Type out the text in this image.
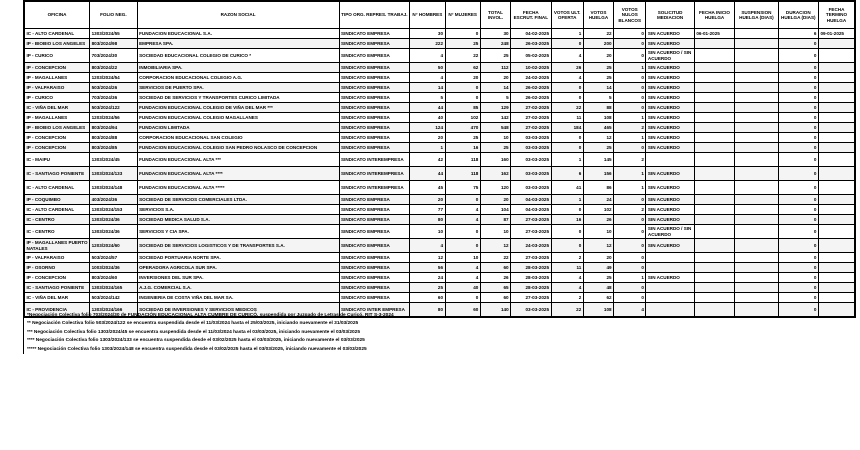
OFICINA	FOLIO NEG.	RAZON SOCIAL	TIPO ORG. REPRES. TRABAJ.	N° HOMBRES	N° MUJERES	TOTAL INVOL.	FECHA ESCRUT. FINAL	VOTOS ULT. OFERTA	VOTOS HUELGA	VOTOS NULOS BLANCOS	SOLICITUD MEDIACION	FECHA INICIO HUELGA	SUSPENSION HUELGA (DIAS)	DURACION HUELGA (DIAS)	FECHA TERMINO HUELGA
IC - ALTO CARDENAL	1303/2024/55	FUNDACION EDUCACIONAL S.A.	SINDICATO EMPRESA	30	0	30	04-02-2025	1	22	0	SIN ACUERDO	06-01-2025		6	09-01-2025
IP - BIOBIO LOS ANGELES	803/2024/98	EMPRESA SPA.	SINDICATO EMPRESA	222	25	248	26-03-2025	0	200	0	SIN ACUERDO			0	
IP - CURICO	703/2024/30	SOCIEDAD EDUCACIONAL COLEGIO DE CURICO *	SINDICATO EMPRESA	4	22	25	05-02-2025	4	20	0	SIN ACUERDO / SIN ACUERDO			0	
IP - CONCEPCION	803/2024/22	INMOBILIARIA SPA.	SINDICATO EMPRESA	50	62	112	10-02-2025	26	25	1	SIN ACUERDO			0	
IP - MAGALLANES	1203/2024/54	CORPORACION EDUCACIONAL COLEGIO A.G.	SINDICATO EMPRESA	4	20	20	24-02-2025	4	25	0	SIN ACUERDO			0	
IP - VALPARAISO	503/2024/26	SERVICIOS DE PUERTO SPA.	SINDICATO EMPRESA	14	0	14	26-02-2025	0	14	0	SIN ACUERDO			0	
IP - CURICO	703/2024/36	SOCIEDAD DE SERVICIOS Y TRANSPORTES CURICO LIMITADA	SINDICATO EMPRESA	5	0	5	26-02-2025	0	5	0	SIN ACUERDO			0	
IC - VIÑA DEL MAR	503/2024/122	FUNDACION EDUCACIONAL COLEGIO DE VIÑA DEL MAR ***	SINDICATO EMPRESA	44	85	129	27-02-2025	22	88	0	SIN ACUERDO			0	
IP - MAGALLANES	1203/2024/56	FUNDACION EDUCACIONAL COLEGIO MAGALLANES	SINDICATO EMPRESA	40	102	142	27-02-2025	11	108	1	SIN ACUERDO			0	
IP - BIOBIO LOS ANGELES	803/2024/94	FUNDACION LIMITADA	SINDICATO EMPRESA	124	470	548	27-02-2025	184	465	2	SIN ACUERDO			0	
IP - CONCEPCION	803/2024/88	CORPORACION EDUCACIONAL SAN COLEGIO	SINDICATO EMPRESA	20	25	10	03-03-2025	0	12	1	SIN ACUERDO			0	
IP - CONCEPCION	803/2024/85	FUNDACION EDUCACIONAL COLEGIO SAN PEDRO NOLASCO DE CONCEPCION	SINDICATO EMPRESA	1	16	25	03-03-2025	0	25	0	SIN ACUERDO			0	
IC - MAIPU	1303/2024/45	FUNDACION EDUCACIONAL ALTA ***	SINDICATO INTEREMPRESA	42	118	160	03-03-2025	1	145	2				0	
IC - SANTIAGO PONIENTE	1303/2024/133	FUNDACION EDUCACIONAL ALTA ****	SINDICATO INTEREMPRESA	44	118	162	03-03-2025	6	156	1	SIN ACUERDO			0	
IC - ALTO CARDENAL	1303/2024/148	FUNDACION EDUCACIONAL ALTA *****	SINDICATO INTEREMPRESA	45	75	120	03-03-2025	41	86	1	SIN ACUERDO			0	
IP - COQUIMBO	403/2024/36	SOCIEDAD DE SERVICIOS COMERCIALES LTDA.	SINDICATO EMPRESA	20	0	20	04-03-2025	1	24	0	SIN ACUERDO			0	
IC - ALTO CARDENAL	1303/2024/153	SERVICIOS S.A.	SINDICATO EMPRESA	77	4	104	04-03-2025	0	102	2	SIN ACUERDO			0	
IC - CENTRO	1303/2024/36	SOCIEDAD MEDICA SALUD S.A.	SINDICATO EMPRESA	80	4	87	27-03-2025	16	26	0	SIN ACUERDO			0	
IC - CENTRO	1303/2024/36	SERVICIOS Y CIA SPA.	SINDICATO EMPRESA	10	0	10	27-03-2025	0	10	0	SIN ACUERDO / SIN ACUERDO			0	
IP - MAGALLANES PUERTO NATALES	1203/2024/60	SOCIEDAD DE SERVICIOS LOGISTICOS Y DE TRANSPORTES S.A.	SINDICATO EMPRESA	4	0	12	24-03-2025	0	12	0	SIN ACUERDO			0	
IP - VALPARAISO	503/2024/57	SOCIEDAD PORTUARIA NORTE SPA.	SINDICATO EMPRESA	12	10	22	27-03-2025	2	20	0				0	
IP - OSORNO	1003/2024/36	OPERADORA AGRICOLA SUR SPA.	SINDICATO EMPRESA	56	4	60	28-03-2025	11	49	0				0	
IP - CONCEPCION	803/2024/60	INVERSIONES DEL SUR SPA.	SINDICATO EMPRESA	24	4	26	28-03-2025	4	25	1	SIN ACUERDO			0	
IC - SANTIAGO PONIENTE	1303/2024/165	A.J.G. COMERCIAL S.A.	SINDICATO EMPRESA	25	40	65	28-03-2025	4	48	0				0	
IC - VIÑA DEL MAR	503/2024/142	INGENIERIA DE COSTA VIÑA DEL MAR SA.	SINDICATO EMPRESA	60	0	60	27-03-2025	2	62	0				0	
IC - PROVIDENCIA	1303/2024/166	SOCIEDAD DE INVERSIONES Y SERVICIOS MEDICOS	SINDICATO INTER EMPRESA	80	60	140	03-03-2025	22	108	4				0	
*Negociación Colectiva folio 703/2024/30 de FUNDACIÓN EDUCACIONAL ALTA CUMBRE DE CURICÓ, suspendida por Juzgado de Letras de Curicó, RIT S-3-2024
** Negociación Colectiva folio 503/2024/122 se encuentra suspendida desde el 11/03/2024 hasta el 25/03/2025, iniciando nuevamente el 31/03/2025
*** Negociación Colectiva folio 1303/2024/45 se encuentra suspendida desde el 11/03/2024 hasta el 03/03/2025, iniciando nuevamente el 03/03/2025
**** Negociación Colectiva folio 1303/2024/133 se encuentra suspendida desde el 03/02/2025 hasta el 03/03/2025, iniciando nuevamente el 03/03/2025
***** Negociación Colectiva folio 1303/2024/148 se encuentra suspendida desde el 03/02/2025 hasta el 03/03/2025, iniciando nuevamente el 03/03/2025
